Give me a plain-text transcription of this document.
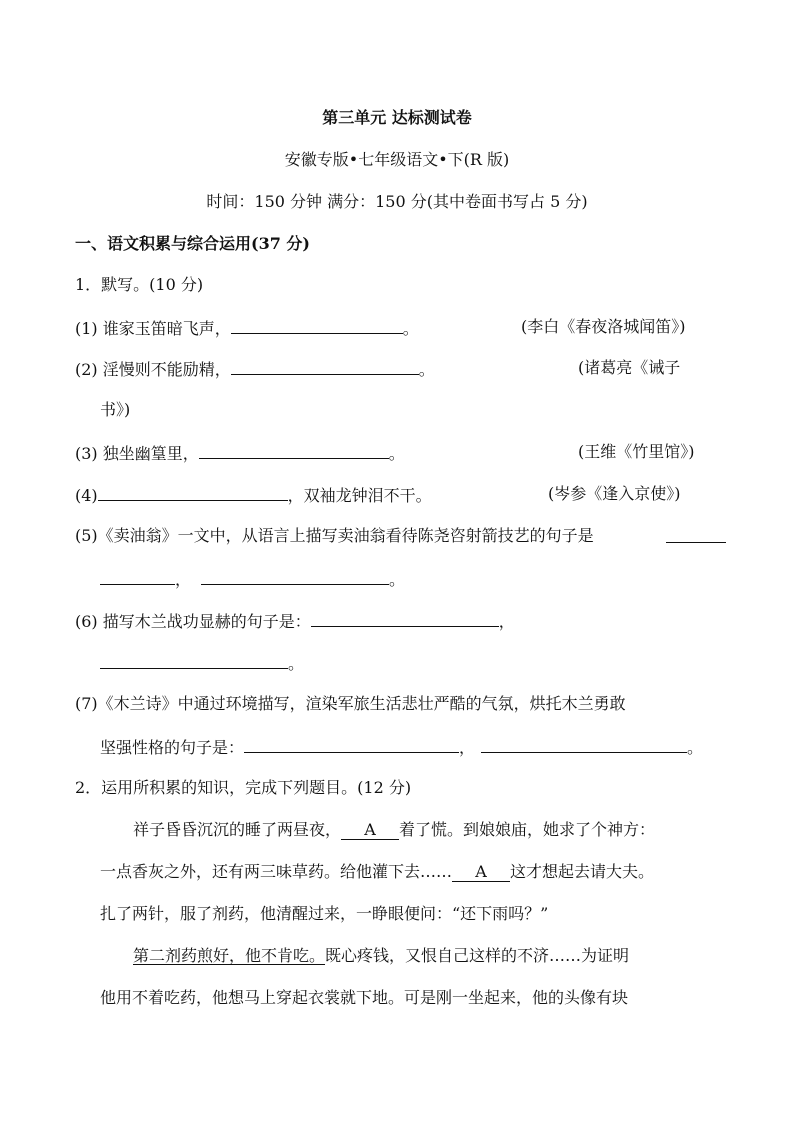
第三单元 达标测试卷
安徽专版•七年级语文•下(R 版)
时间：150 分钟 满分：150 分(其中卷面书写占 5 分)
一、语文积累与综合运用(37 分)
1．默写。(10 分)
(1) 谁家玉笛暗飞声，	。	(李白《春夜洛城闻笛》)
(2) 淫慢则不能励精，	。	(诸葛亮《诫子
书》)
(3) 独坐幽篁里，	。	(王维《竹里馆》)
(4)	，双袖龙钟泪不干。	(岑参《逢入京使》)
(5)《卖油翁》一文中，从语言上描写卖油翁看待陈尧咨射箭技艺的句子是
，	。
(6) 描写木兰战功显赫的句子是：	，
。
(7)《木兰诗》中通过环境描写，渲染军旅生活悲壮严酷的气氛，烘托木兰勇敢
坚强性格的句子是：	，	。
2．运用所积累的知识，完成下列题目。(12 分)
祥子昏昏沉沉的睡了两昼夜， A 着了慌。到娘娘庙，她求了个神方：
一点香灰之外，还有两三味草药。给他灌下去…… A 这才想起去请大夫。
扎了两针，服了剂药，他清醒过来，一睁眼便问：“还下雨吗？”
第二剂药煎好，他不肯吃。既心疼钱，又恨自己这样的不济……为证明
他用不着吃药，他想马上穿起衣裳就下地。可是刚一坐起来，他的头像有块
